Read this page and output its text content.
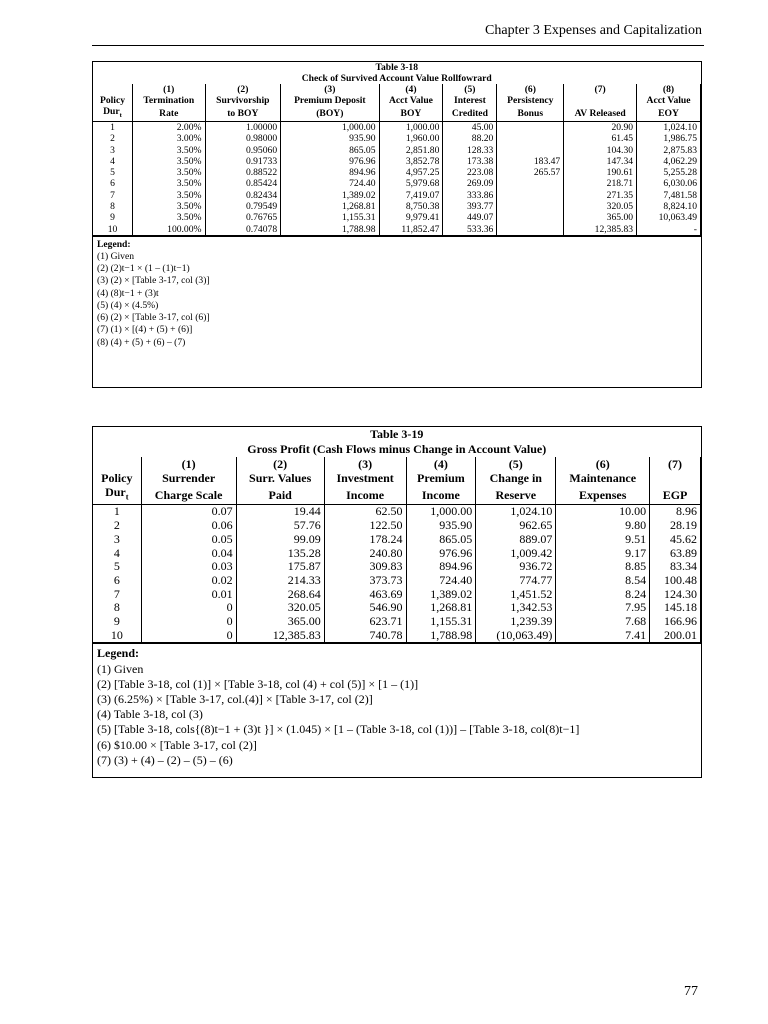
Chapter 3 Expenses and Capitalization
Table 3-18								
Check of Survived Account Value Rollfowrard								
	(1)	(2)	(3)	(4)	(5)	(6)	(7)	(8)
Policy	Termination	Survivorship	Premium Deposit	Acct Value	Interest	Persistency		Acct Value
Dur$_t$	Rate	to BOY	(BOY)	BOY	Credited	Bonus	AV Released	EOY
1	2.00%	1.00000	1,000.00	1,000.00	45.00		20.90	1,024.10
2	3.00%	0.98000	935.90	1,960.00	88.20		61.45	1,986.75
3	3.50%	0.95060	865.05	2,851.80	128.33		104.30	2,875.83
4	3.50%	0.91733	976.96	3,852.78	173.38	183.47	147.34	4,062.29
5	3.50%	0.88522	894.96	4,957.25	223.08	265.57	190.61	5,255.28
6	3.50%	0.85424	724.40	5,979.68	269.09		218.71	6,030.06
7	3.50%	0.82434	1,389.02	7,419.07	333.86		271.35	7,481.58
8	3.50%	0.79549	1,268.81	8,750.38	393.77		320.05	8,824.10
9	3.50%	0.76765	1,155.31	9,979.41	449.07		365.00	10,063.49
10	100.00%	0.74078	1,788.98	11,852.47	533.36		12,385.83	-
Legend:
(1) Given
(2) (2)t−1 × (1 – (1)t−1)
(3) (2) × [Table 3-17, col (3)]
(4) (8)t−1 + (3)t
(5) (4) × (4.5%)
(6) (2) × [Table 3-17, col (6)]
(7) (1) × [(4) + (5) + (6)]
(8) (4) + (5) + (6) – (7)
Table 3-19							
Gross Profit (Cash Flows minus Change in Account Value)							
	(1)	(2)	(3)	(4)	(5)	(6)	(7)
Policy	Surrender	Surr. Values	Investment	Premium	Change in	Maintenance	
Dur$_t$	Charge Scale	Paid	Income	Income	Reserve	Expenses	EGP
1	0.07	19.44	62.50	1,000.00	1,024.10	10.00	8.96
2	0.06	57.76	122.50	935.90	962.65	9.80	28.19
3	0.05	99.09	178.24	865.05	889.07	9.51	45.62
4	0.04	135.28	240.80	976.96	1,009.42	9.17	63.89
5	0.03	175.87	309.83	894.96	936.72	8.85	83.34
6	0.02	214.33	373.73	724.40	774.77	8.54	100.48
7	0.01	268.64	463.69	1,389.02	1,451.52	8.24	124.30
8	0	320.05	546.90	1,268.81	1,342.53	7.95	145.18
9	0	365.00	623.71	1,155.31	1,239.39	7.68	166.96
10	0	12,385.83	740.78	1,788.98	(10,063.49)	7.41	200.01
Legend:
(1) Given
(2) [Table 3-18, col (1)] × [Table 3-18, col (4) + col (5)] × [1 – (1)]
(3) (6.25%) × [Table 3-17, col.(4)] × [Table 3-17, col (2)]
(4) Table 3-18, col (3)
(5) [Table 3-18, cols{(8)t−1 + (3)t }] × (1.045) × [1 – (Table 3-18, col (1))] – [Table 3-18, col(8)t−1]
(6) $10.00 × [Table 3-17, col (2)]
(7) (3) + (4) – (2) – (5) – (6)
77
